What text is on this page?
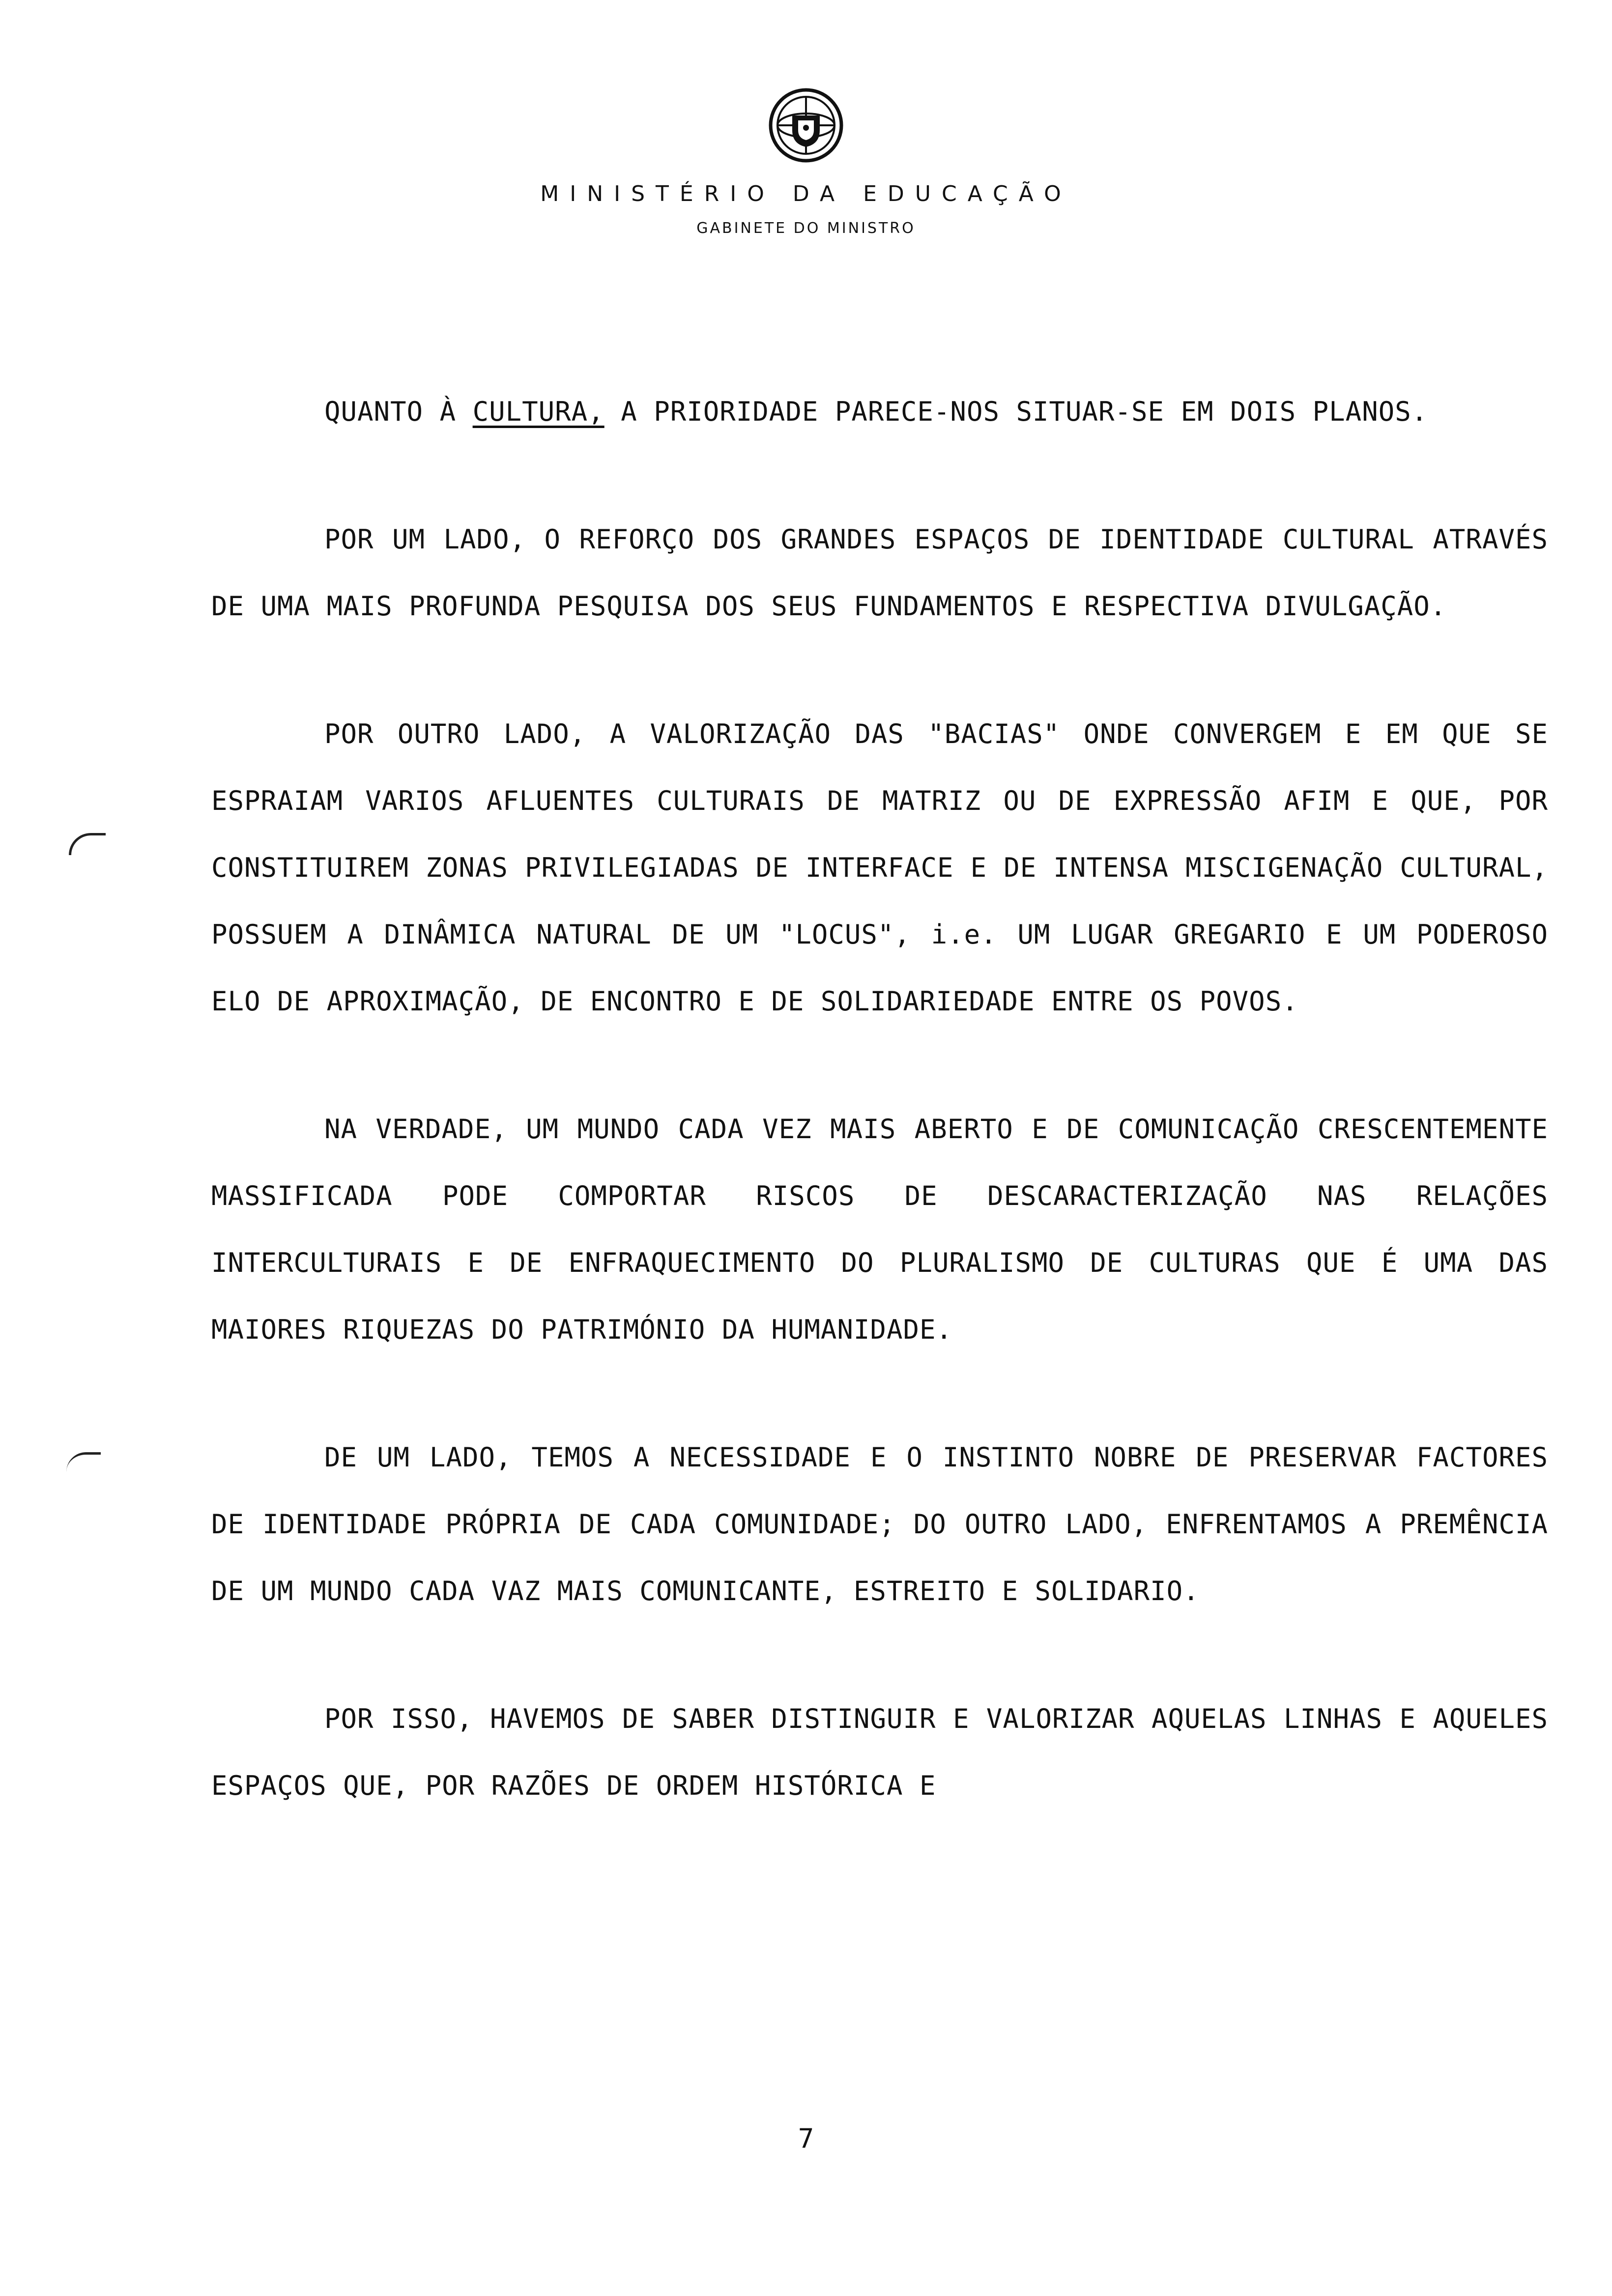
MINISTÉRIO DA EDUCAÇÃO
GABINETE DO MINISTRO

QUANTO À CULTURA, A PRIORIDADE PARECE-NOS SITUAR-SE EM DOIS PLANOS.

POR UM LADO, O REFORÇO DOS GRANDES ESPAÇOS DE IDENTIDADE CULTURAL ATRAVÉS DE UMA MAIS PROFUNDA PESQUISA DOS SEUS FUNDAMENTOS E RESPECTIVA DIVULGAÇÃO.

POR OUTRO LADO, A VALORIZAÇÃO DAS "BACIAS" ONDE CONVERGEM E EM QUE SE ESPRAIAM VARIOS AFLUENTES CULTURAIS DE MATRIZ OU DE EXPRESSÃO AFIM E QUE, POR CONSTITUIREM ZONAS PRIVILEGIADAS DE INTERFACE E DE INTENSA MISCIGENAÇÃO CULTURAL, POSSUEM A DINÂMICA NATURAL DE UM "LOCUS", i.e. UM LUGAR GREGARIO E UM PODEROSO ELO DE APROXIMAÇÃO, DE ENCONTRO E DE SOLIDARIEDADE ENTRE OS POVOS.

NA VERDADE, UM MUNDO CADA VEZ MAIS ABERTO E DE COMUNICAÇÃO CRESCENTEMENTE MASSIFICADA PODE COMPORTAR RISCOS DE DESCARACTERIZAÇÃO NAS RELAÇÕES INTERCULTURAIS E DE ENFRAQUECIMENTO DO PLURALISMO DE CULTURAS QUE É UMA DAS MAIORES RIQUEZAS DO PATRIMÓNIO DA HUMANIDADE.

DE UM LADO, TEMOS A NECESSIDADE E O INSTINTO NOBRE DE PRESERVAR FACTORES DE IDENTIDADE PRÓPRIA DE CADA COMUNIDADE; DO OUTRO LADO, ENFRENTAMOS A PREMÊNCIA DE UM MUNDO CADA VAZ MAIS COMUNICANTE, ESTREITO E SOLIDARIO.

POR ISSO, HAVEMOS DE SABER DISTINGUIR E VALORIZAR AQUELAS LINHAS E AQUELES ESPAÇOS QUE, POR RAZÕES DE ORDEM HISTÓRICA E

7
